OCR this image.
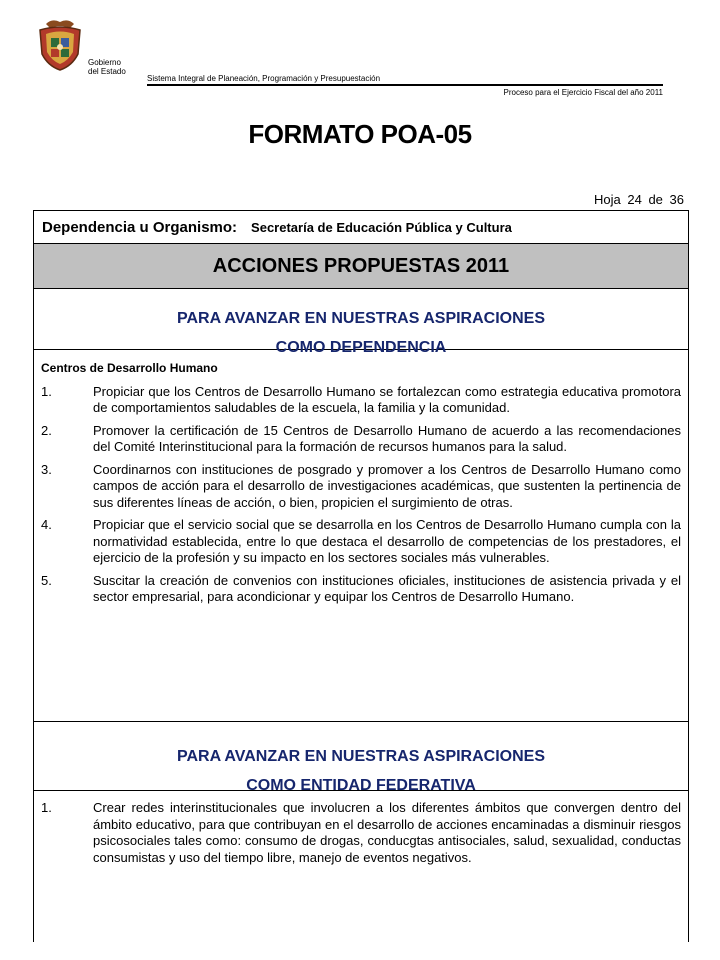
Gobierno
del Estado
Sistema Integral de Planeación, Programación y Presupuestación
Proceso para el Ejercicio Fiscal del año 2011
FORMATO POA-05
Hoja 24 de 36
Dependencia u Organismo: Secretaría de Educación Pública y Cultura
ACCIONES PROPUESTAS 2011
PARA AVANZAR EN NUESTRAS ASPIRACIONES
COMO DEPENDENCIA
Centros de Desarrollo Humano
1.	Propiciar que los Centros de Desarrollo Humano se fortalezcan como estrategia educativa promotora de comportamientos saludables de la escuela, la familia y la comunidad.
2.	Promover la certificación de 15 Centros de Desarrollo Humano de acuerdo a las recomendaciones del Comité Interinstitucional para la formación de recursos humanos para la salud.
3.	Coordinarnos con instituciones de posgrado y promover a los Centros de Desarrollo Humano como campos de acción para el desarrollo de investigaciones académicas, que sustenten la pertinencia de sus diferentes líneas de acción, o bien, propicien el surgimiento de otras.
4.	Propiciar que el servicio social que se desarrolla en los Centros de Desarrollo Humano cumpla con la normatividad establecida, entre lo que destaca el desarrollo de competencias de los prestadores, el ejercicio de la profesión y su impacto en los sectores sociales más vulnerables.
5.	Suscitar la creación de convenios con instituciones oficiales, instituciones de asistencia privada y el sector empresarial, para acondicionar y equipar los Centros de Desarrollo Humano.
PARA AVANZAR EN NUESTRAS ASPIRACIONES
COMO ENTIDAD FEDERATIVA
1.	Crear redes interinstitucionales que involucren a los diferentes ámbitos que convergen dentro del ámbito educativo, para que contribuyan en el desarrollo de acciones encaminadas a disminuir riesgos psicosociales tales como: consumo de drogas, conducgtas antisociales, salud, sexualidad, conductas consumistas y uso del tiempo libre, manejo de eventos negativos.
